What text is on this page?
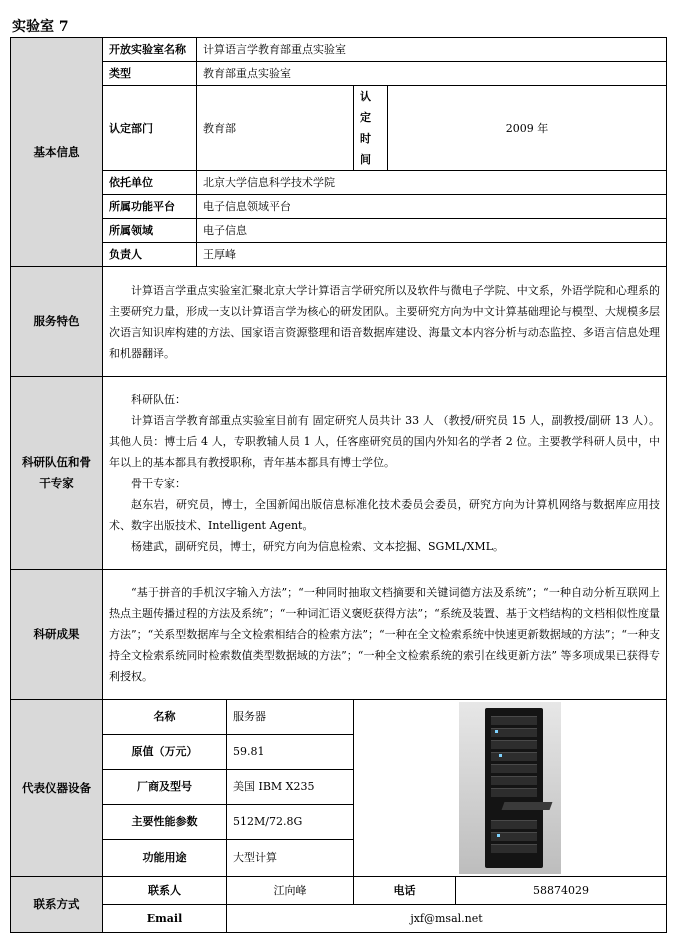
实验室 7
基本信息	开放实验室名称	计算语言学教育部重点实验室				
	类型	教育部重点实验室				
	认定部门	教育部		认定时间	2009 年	
	依托单位	北京大学信息科学技术学院				
	所属功能平台	电子信息领域平台				
	所属领域	电子信息				
	负责人	王厚峰				
服务特色	计算语言学重点实验室汇聚北京大学计算语言学研究所以及软件与微电子学院、中文系，外语学院和心理系的主要研究力量，形成一支以计算语言学为核心的研发团队。主要研究方向为中文计算基础理论与模型、大规模多层次语言知识库构建的方法、国家语言资源整理和语音数据库建设、海量文本内容分析与动态监控、多语言信息处理和机器翻译。					

科研队伍和骨干专家	科研队伍：

计算语言学教育部重点实验室目前有 固定研究人员共计 33 人 （教授/研究员 15 人，副教授/副研 13 人）。其他人员：博士后 4 人，专职教辅人员 1 人，任客座研究员的国内外知名的学者 2 位。主要教学科研人员中，中年以上的基本都具有教授职称，青年基本都具有博士学位。

骨干专家：

赵东岩，研究员，博士，全国新闻出版信息标准化技术委员会委员，研究方向为计算机网络与数据库应用技术、数字出版技术、Intelligent Agent。

杨建武，副研究员，博士，研究方向为信息检索、文本挖掘、SGML/XML。					

科研成果	“基于拼音的手机汉字输入方法”；“一种同时抽取文档摘要和关键词德方法及系统”；“一种自动分析互联网上热点主题传播过程的方法及系统”；“一种词汇语义褒贬获得方法”；“系统及装置、基于文档结构的文档相似性度量方法”；“关系型数据库与全文检索相结合的检索方法”；“一种在全文检索系统中快速更新数据域的方法”；“一种支持全文检索系统同时检索数值类型数据域的方法”；“一种全文检索系统的索引在线更新方法” 等多项成果已获得专利授权。					

代表仪器设备	名称		服务器			

	原值（万元）		59.81			
	厂商及型号		美国 IBM X235			
	主要性能参数		512M/72.8G			
	功能用途		大型计算			
联系方式	联系人		江向峰	电话		58874029
	Email		jxf@msal.net			
